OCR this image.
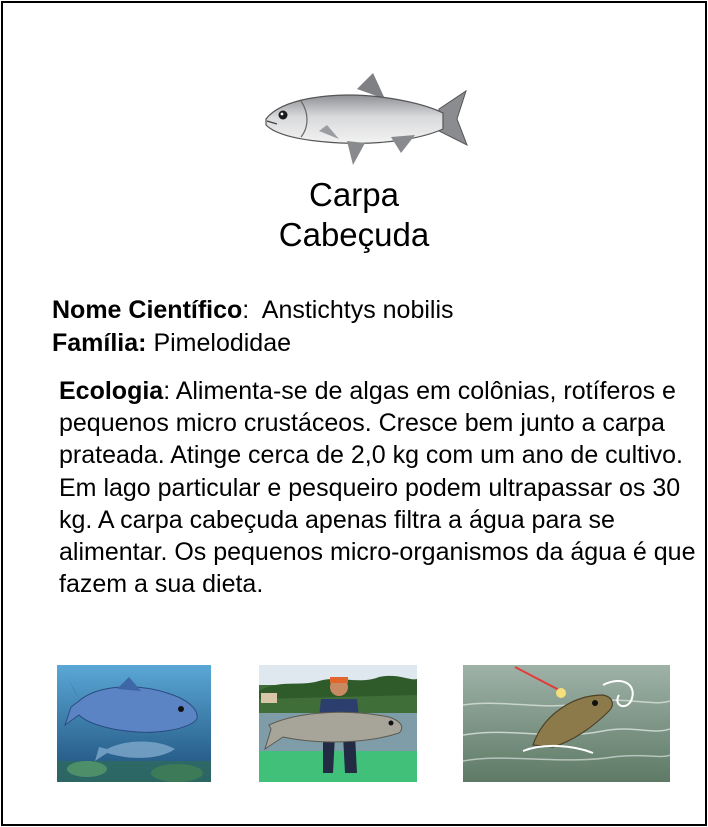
Carpa
Cabeçuda
Nome Científico: Anstichtys nobilis
Família: Pimelodidae
Ecologia: Alimenta-se de algas em colônias, rotíferos e pequenos micro crustáceos. Cresce bem junto a carpa prateada. Atinge cerca de 2,0 kg com um ano de cultivo. Em lago particular e pesqueiro podem ultrapassar os 30 kg. A carpa cabeçuda apenas filtra a água para se alimentar. Os pequenos micro-organismos da água é que fazem a sua dieta.
